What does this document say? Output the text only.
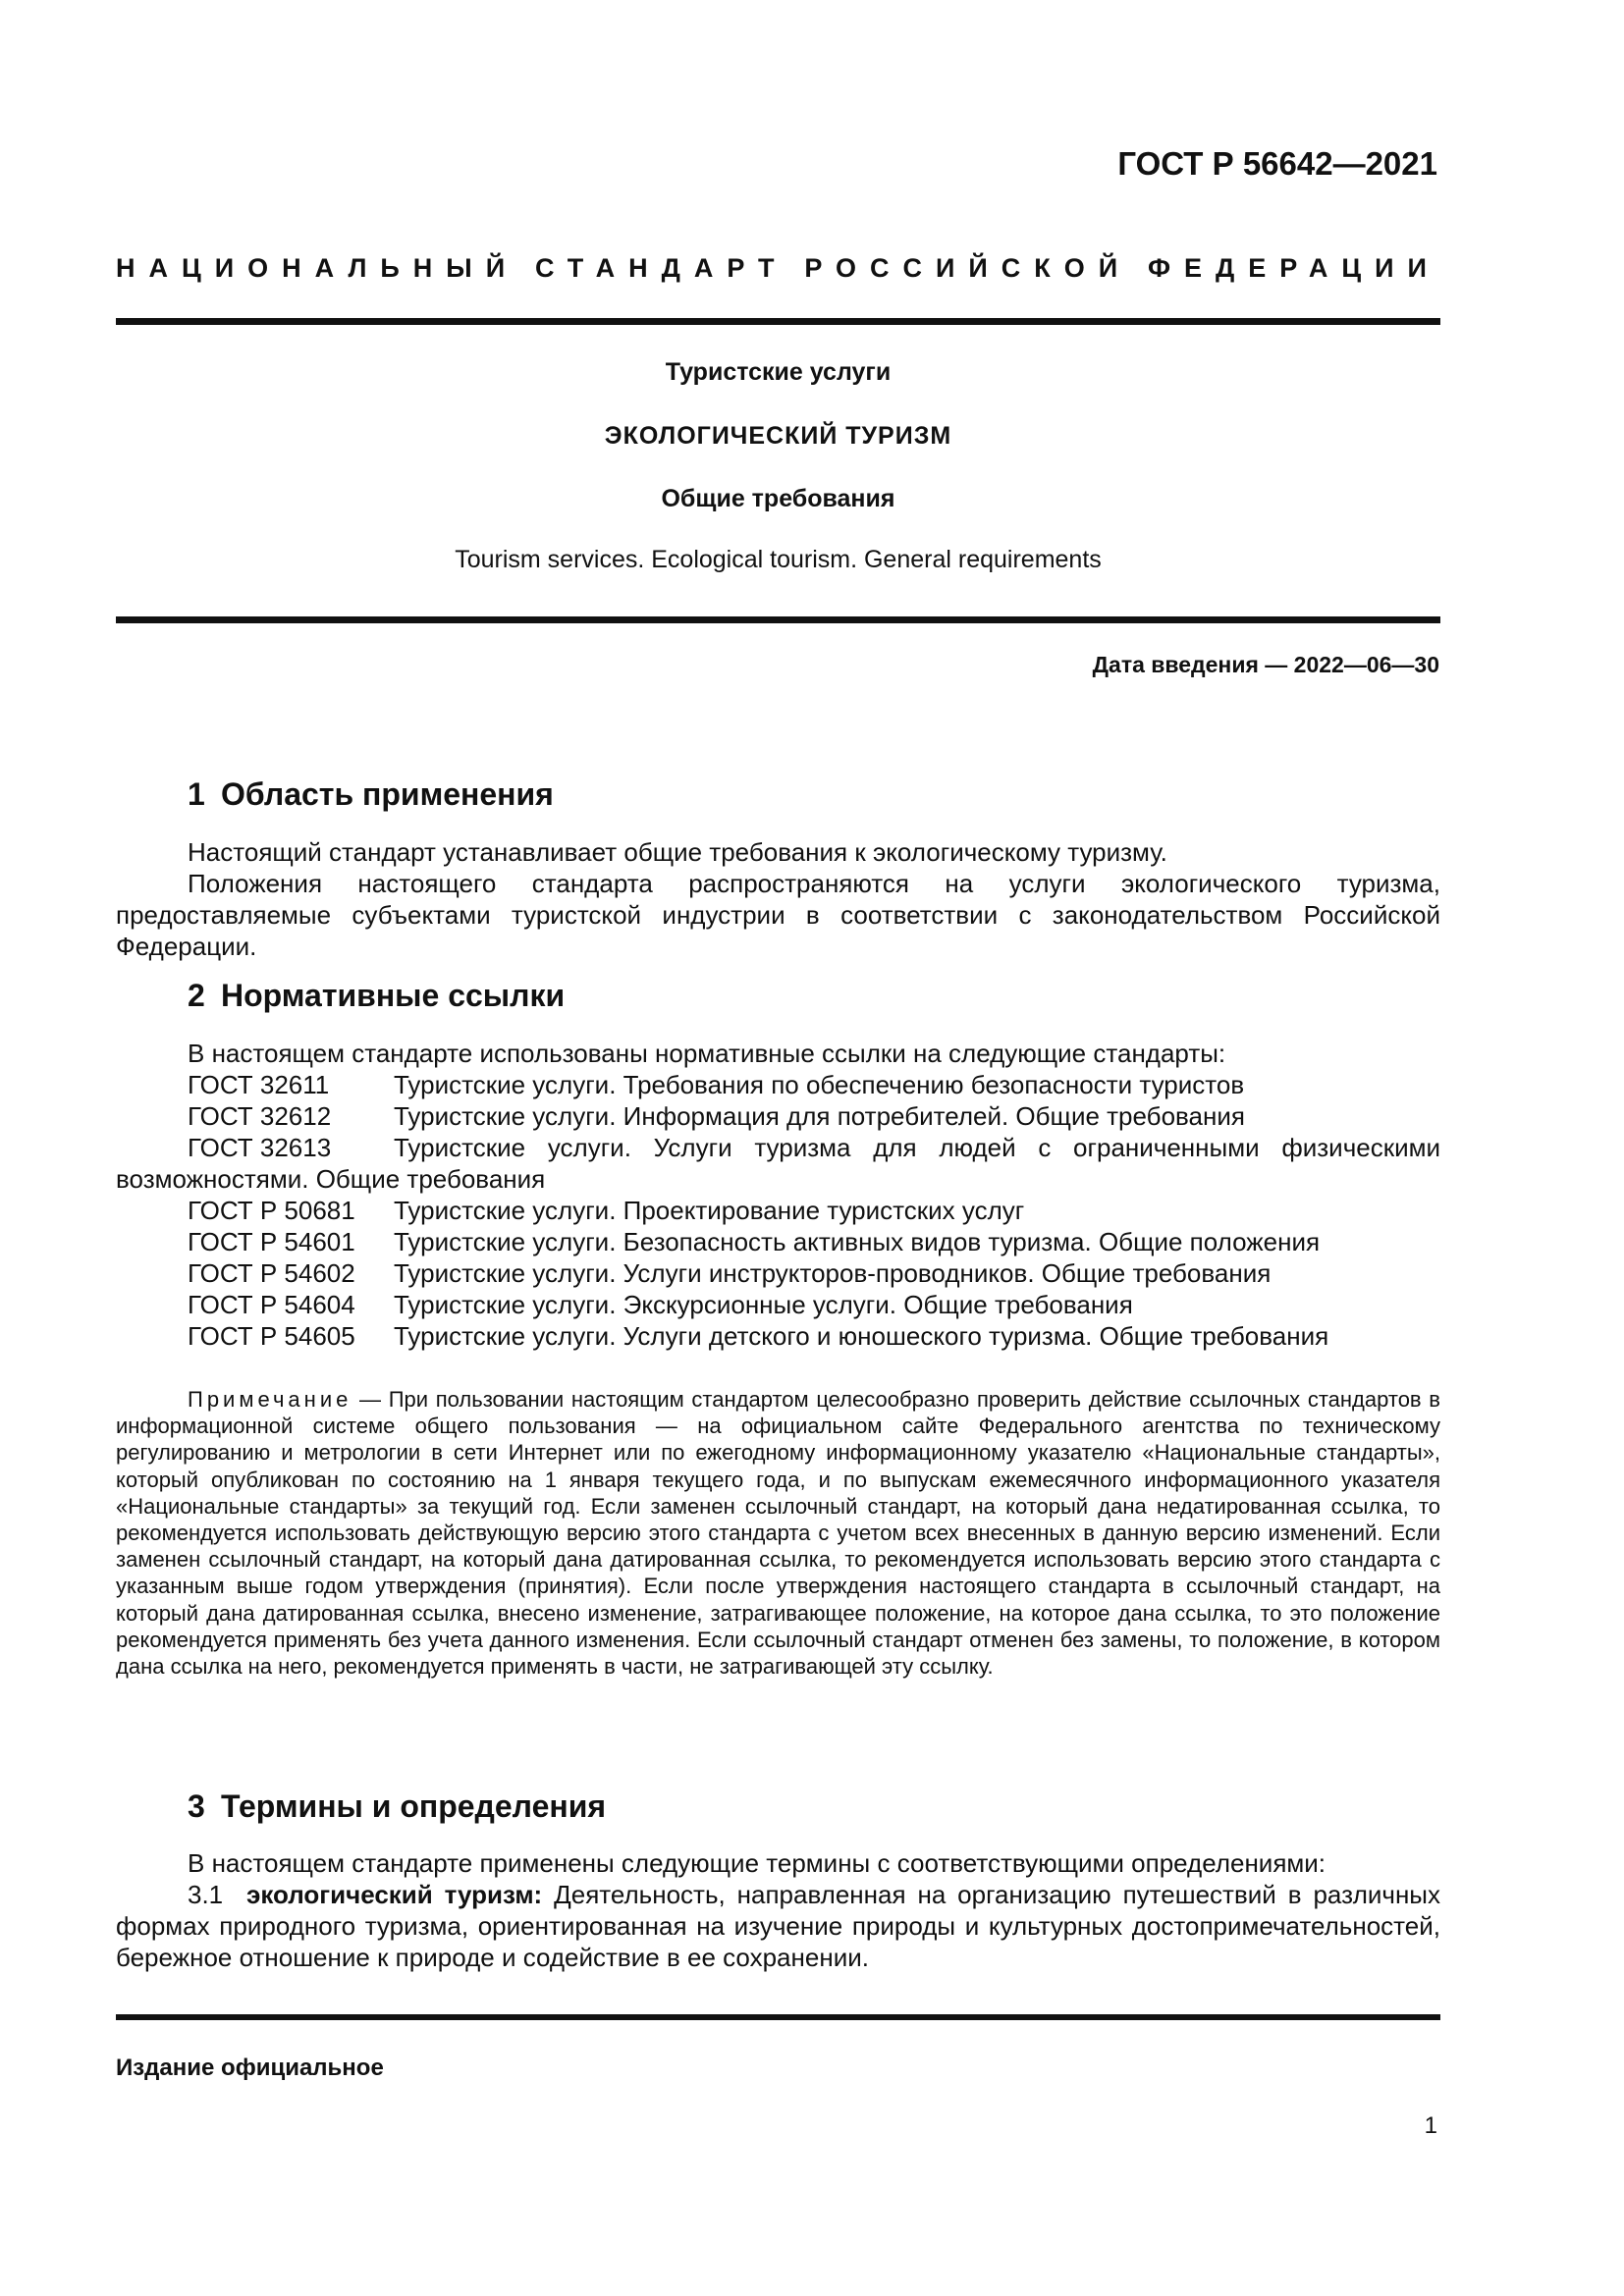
ГОСТ Р 56642—2021
НАЦИОНАЛЬНЫЙ СТАНДАРТ РОССИЙСКОЙ ФЕДЕРАЦИИ
Туристские услуги
ЭКОЛОГИЧЕСКИЙ ТУРИЗМ
Общие требования
Tourism services. Ecological tourism. General requirements
Дата введения — 2022—06—30
1 Область применения

Настоящий стандарт устанавливает общие требования к экологическому туризму.

Положения настоящего стандарта распространяются на услуги экологического туризма, предоставляемые субъектами туристской индустрии в соответствии с законодательством Российской Федерации.

2 Нормативные ссылки

В настоящем стандарте использованы нормативные ссылки на следующие стандарты:

ГОСТ 32611	Туристские услуги. Требования по обеспечению безопасности туристов
ГОСТ 32612 Туристские услуги. Информация для потребителей. Общие требования

ГОСТ 32613 Туристские услуги. Услуги туризма для людей с ограниченными физическими возможностями. Общие требования

ГОСТ Р 50681 Туристские услуги. Проектирование туристских услуг
ГОСТ Р 54601 Туристские услуги. Безопасность активных видов туризма. Общие положения
ГОСТ Р 54602 Туристские услуги. Услуги инструкторов-проводников. Общие требования
ГОСТ Р 54604 Туристские услуги. Экскурсионные услуги. Общие требования
ГОСТ Р 54605 Туристские услуги. Услуги детского и юношеского туризма. Общие требования

Примечание — При пользовании настоящим стандартом целесообразно проверить действие ссылочных стандартов в информационной системе общего пользования — на официальном сайте Федерального агентства по техническому регулированию и метрологии в сети Интернет или по ежегодному информационному указателю «Национальные стандарты», который опубликован по состоянию на 1 января текущего года, и по выпускам ежемесячного информационного указателя «Национальные стандарты» за текущий год. Если заменен ссылочный стандарт, на который дана недатированная ссылка, то рекомендуется использовать действующую версию этого стандарта с учетом всех внесенных в данную версию изменений. Если заменен ссылочный стандарт, на который дана датированная ссылка, то рекомендуется использовать версию этого стандарта с указанным выше годом утверждения (принятия). Если после утверждения настоящего стандарта в ссылочный стандарт, на который дана датированная ссылка, внесено изменение, затрагивающее положение, на которое дана ссылка, то это положение рекомендуется применять без учета данного изменения. Если ссылочный стандарт отменен без замены, то положение, в котором дана ссылка на него, рекомендуется применять в части, не затрагивающей эту ссылку.

3 Термины и определения

В настоящем стандарте применены следующие термины с соответствующими определениями:

3.1 экологический туризм: Деятельность, направленная на организацию путешествий в различных формах природного туризма, ориентированная на изучение природы и культурных достопримечательностей, бережное отношение к природе и содействие в ее сохранении.

Издание официальное
1
